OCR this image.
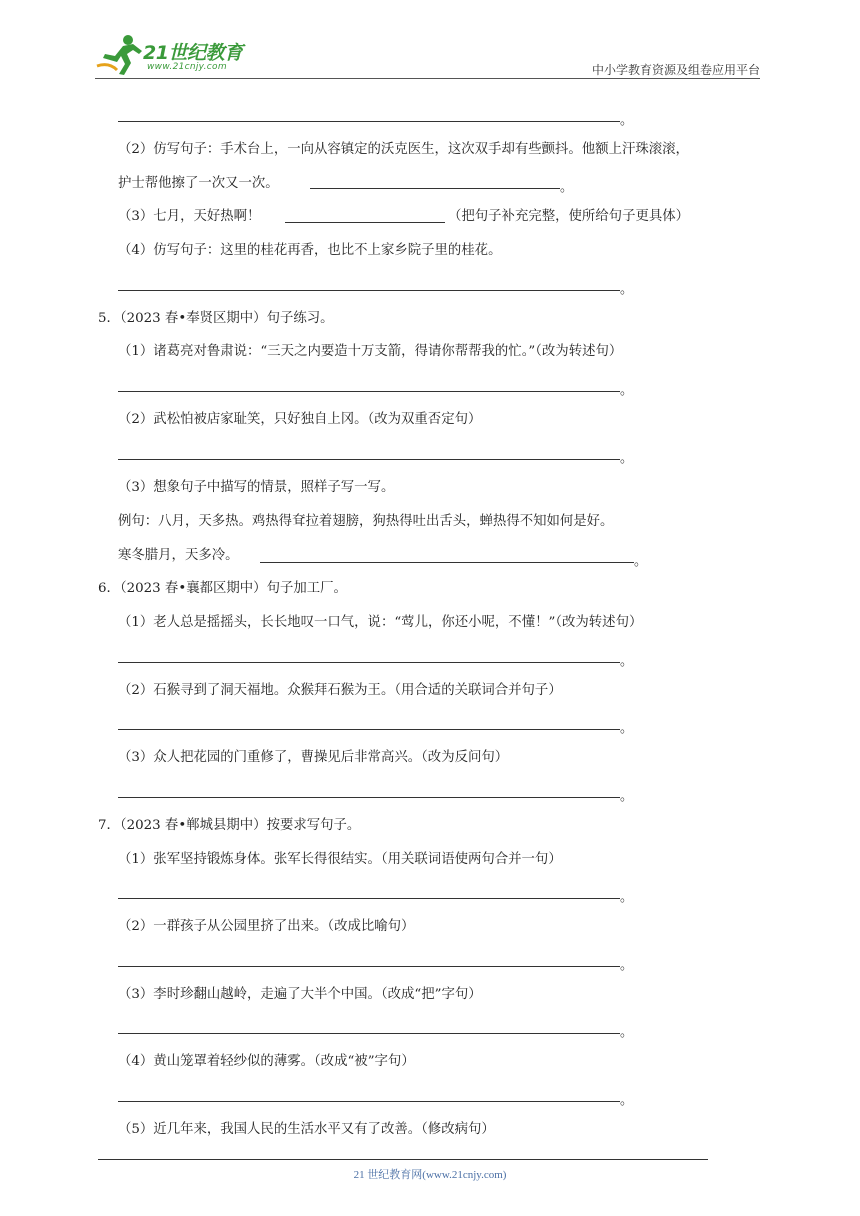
21世纪教育
www.21cnjy.com	中小学教育资源及组卷应用平台
。
（2）仿写句子：手术台上，一向从容镇定的沃克医生，这次双手却有些颤抖。他额上汗珠滚滚，
护士帮他擦了一次又一次。	。
（3）七月，天好热啊！	（把句子补充完整，使所给句子更具体）
（4）仿写句子：这里的桂花再香，也比不上家乡院子里的桂花。
。
5．（2023 春•奉贤区期中）句子练习。
（1）诸葛亮对鲁肃说：“三天之内要造十万支箭，得请你帮帮我的忙。”（改为转述句）
。
（2）武松怕被店家耻笑，只好独自上冈。（改为双重否定句）
。
（3）想象句子中描写的情景，照样子写一写。
例句：八月，天多热。鸡热得耷拉着翅膀，狗热得吐出舌头，蝉热得不知如何是好。
寒冬腊月，天多冷。	。
6．（2023 春•襄都区期中）句子加工厂。
（1）老人总是摇摇头，长长地叹一口气，说：“莺儿，你还小呢，不懂！”（改为转述句）
。
（2）石猴寻到了洞天福地。众猴拜石猴为王。（用合适的关联词合并句子）
。
（3）众人把花园的门重修了，曹操见后非常高兴。（改为反问句）
。
7．（2023 春•郸城县期中）按要求写句子。
（1）张军坚持锻炼身体。张军长得很结实。（用关联词语使两句合并一句）
。
（2）一群孩子从公园里挤了出来。（改成比喻句）
。
（3）李时珍翻山越岭，走遍了大半个中国。（改成“把”字句）
。
（4）黄山笼罩着轻纱似的薄雾。（改成“被”字句）
。
（5）近几年来，我国人民的生活水平又有了改善。（修改病句）
21 世纪教育网(www.21cnjy.com)
